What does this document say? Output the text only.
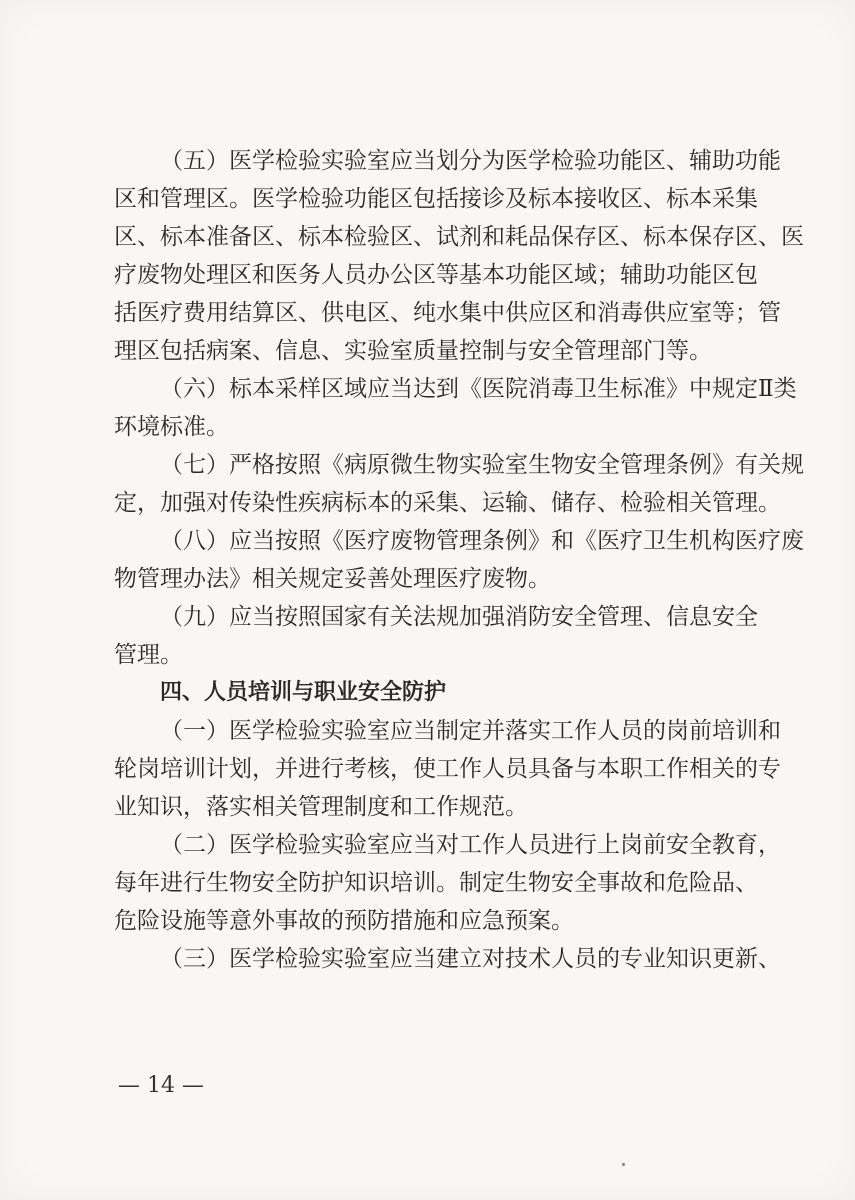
（五）医学检验实验室应当划分为医学检验功能区、辅助功能
区和管理区。医学检验功能区包括接诊及标本接收区、标本采集
区、标本准备区、标本检验区、试剂和耗品保存区、标本保存区、医
疗废物处理区和医务人员办公区等基本功能区域；辅助功能区包
括医疗费用结算区、供电区、纯水集中供应区和消毒供应室等；管
理区包括病案、信息、实验室质量控制与安全管理部门等。
（六）标本采样区域应当达到《医院消毒卫生标准》中规定Ⅱ类
环境标准。
（七）严格按照《病原微生物实验室生物安全管理条例》有关规
定，加强对传染性疾病标本的采集、运输、储存、检验相关管理。
（八）应当按照《医疗废物管理条例》和《医疗卫生机构医疗废
物管理办法》相关规定妥善处理医疗废物。
（九）应当按照国家有关法规加强消防安全管理、信息安全
管理。
四、人员培训与职业安全防护
（一）医学检验实验室应当制定并落实工作人员的岗前培训和
轮岗培训计划，并进行考核，使工作人员具备与本职工作相关的专
业知识，落实相关管理制度和工作规范。
（二）医学检验实验室应当对工作人员进行上岗前安全教育，
每年进行生物安全防护知识培训。制定生物安全事故和危险品、
危险设施等意外事故的预防措施和应急预案。
（三）医学检验实验室应当建立对技术人员的专业知识更新、
— 14 —
